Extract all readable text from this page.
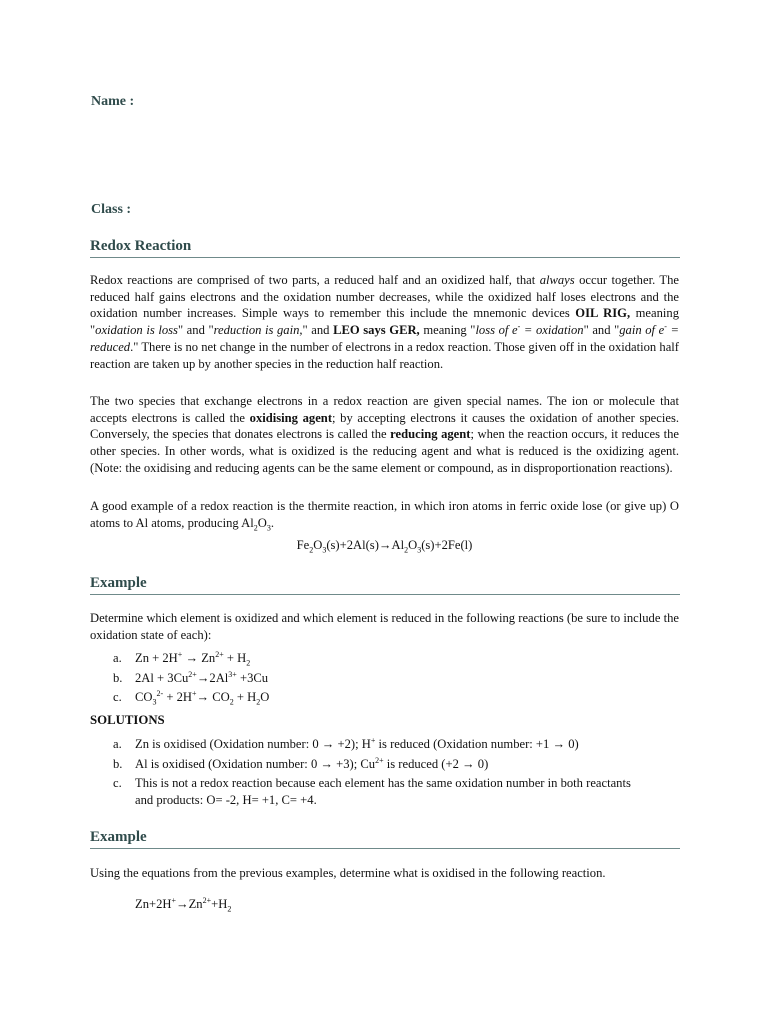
Name :
Class :
Redox Reaction

Redox reactions are comprised of two parts, a reduced half and an oxidized half, that always occur together. The reduced half gains electrons and the oxidation number decreases, while the oxidized half loses electrons and the oxidation number increases. Simple ways to remember this include the mnemonic devices OIL RIG, meaning "oxidation is loss" and "reduction is gain," and LEO says GER, meaning "loss of e- = oxidation" and "gain of e- = reduced." There is no net change in the number of electrons in a redox reaction. Those given off in the oxidation half reaction are taken up by another species in the reduction half reaction.

The two species that exchange electrons in a redox reaction are given special names. The ion or molecule that accepts electrons is called the oxidising agent; by accepting electrons it causes the oxidation of another species. Conversely, the species that donates electrons is called the reducing agent; when the reaction occurs, it reduces the other species. In other words, what is oxidized is the reducing agent and what is reduced is the oxidizing agent. (Note: the oxidising and reducing agents can be the same element or compound, as in disproportionation reactions).

A good example of a redox reaction is the thermite reaction, in which iron atoms in ferric oxide lose (or give up) O atoms to Al atoms, producing $Al_2O_3$.

$Fe_2O_3(s)+2Al(s)\to Al_2O_3(s)+2Fe(l)$
Example

Determine which element is oxidized and which element is reduced in the following reactions (be sure to include the oxidation state of each):

a. $Zn + 2H^+ \to Zn^{2+} + H_2$
b. $2Al + 3Cu^{2+}\to 2Al^{3+} +3Cu$
c. $CO_3^{2-} + 2H^+\to CO_2 + H_2O$
SOLUTIONS
a. Zn is oxidised (Oxidation number: 0 → +2); H+ is reduced (Oxidation number: +1 → 0)
b. Al is oxidised (Oxidation number: 0 → +3); $Cu^{2+}$ is reduced (+2 → 0)
c. This is not a redox reaction because each element has the same oxidation number in both reactants and products: O= -2, H= +1, C= +4.
Example

Using the equations from the previous examples, determine what is oxidised in the following reaction.

$Zn+2H^+\to Zn^{2+}+H_2$
